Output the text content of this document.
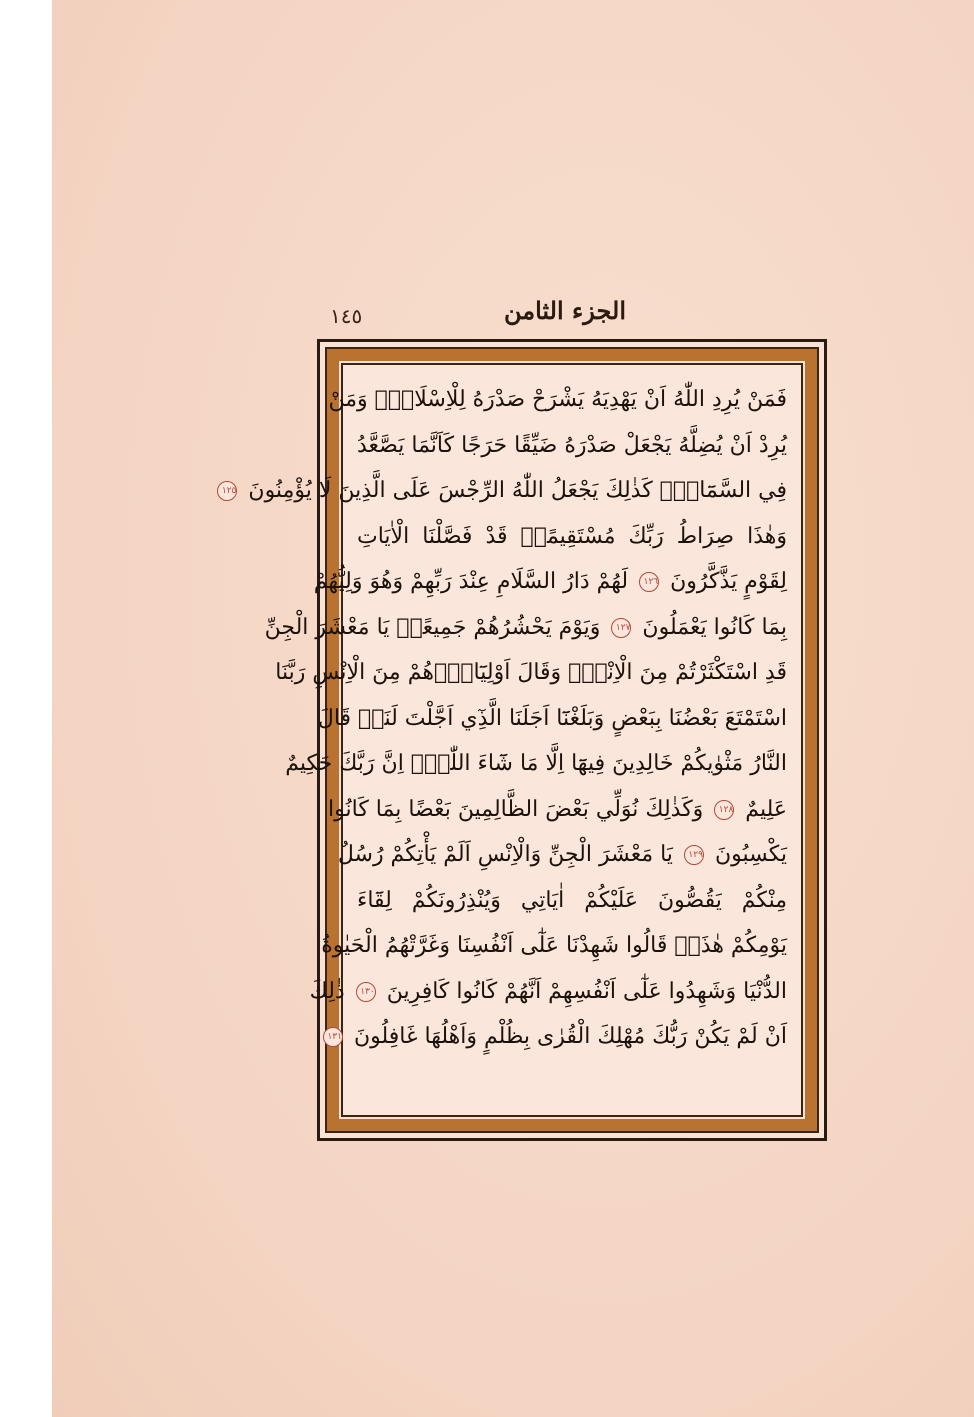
١٤٥	الجزء الثامن
فَمَنْ يُرِدِ اللّٰهُ اَنْ يَهْدِيَهُ يَشْرَحْ صَدْرَهُ لِلْاِسْلَامِۚ وَمَنْ
يُرِدْ اَنْ يُضِلَّهُ يَجْعَلْ صَدْرَهُ ضَيِّقًا حَرَجًا كَاَنَّمَا يَصَّعَّدُ
فِي السَّمَٓاءِۜ كَذٰلِكَ يَجْعَلُ اللّٰهُ الرِّجْسَ عَلَى الَّذِينَ لَا يُؤْمِنُونَ ١٢٥
وَهٰذَا صِرَاطُ رَبِّكَ مُسْتَقِيمًاۜ قَدْ فَصَّلْنَا الْاٰيَاتِ
لِقَوْمٍ يَذَّكَّرُونَ ١٢٦ لَهُمْ دَارُ السَّلَامِ عِنْدَ رَبِّهِمْ وَهُوَ وَلِيُّهُمْ
بِمَا كَانُوا يَعْمَلُونَ ١٢٧ وَيَوْمَ يَحْشُرُهُمْ جَمِيعًاۚ يَا مَعْشَرَ الْجِنِّ
قَدِ اسْتَكْثَرْتُمْ مِنَ الْاِنْسِۚ وَقَالَ اَوْلِيَٓاؤُ۬هُمْ مِنَ الْاِنْسِ رَبَّنَا
اسْتَمْتَعَ بَعْضُنَا بِبَعْضٍ وَبَلَغْنَٓا اَجَلَنَا الَّذِٓي اَجَّلْتَ لَنَاۜ قَالَ
النَّارُ مَثْوٰيكُمْ خَالِدِينَ فِيهَٓا اِلَّا مَا شَٓاءَ اللّٰهُۜ اِنَّ رَبَّكَ حَكِيمٌ
عَلِيمٌ ١٢٨ وَكَذٰلِكَ نُوَلِّي بَعْضَ الظَّالِمِينَ بَعْضًا بِمَا كَانُوا
يَكْسِبُونَ ١٢٩ يَا مَعْشَرَ الْجِنِّ وَالْاِنْسِ اَلَمْ يَأْتِكُمْ رُسُلٌ
مِنْكُمْ يَقُصُّونَ عَلَيْكُمْ اٰيَاتِي وَيُنْذِرُونَكُمْ لِقَٓاءَ
يَوْمِكُمْ هٰذَاۜ قَالُوا شَهِدْنَا عَلٰٓى اَنْفُسِنَا وَغَرَّتْهُمُ الْحَيٰوةُ
الدُّنْيَا وَشَهِدُوا عَلٰٓى اَنْفُسِهِمْ اَنَّهُمْ كَانُوا كَافِرِينَ ١٣٠ ذٰلِكَ
اَنْ لَمْ يَكُنْ رَبُّكَ مُهْلِكَ الْقُرٰى بِظُلْمٍ وَاَهْلُهَا غَافِلُونَ ١٣١
